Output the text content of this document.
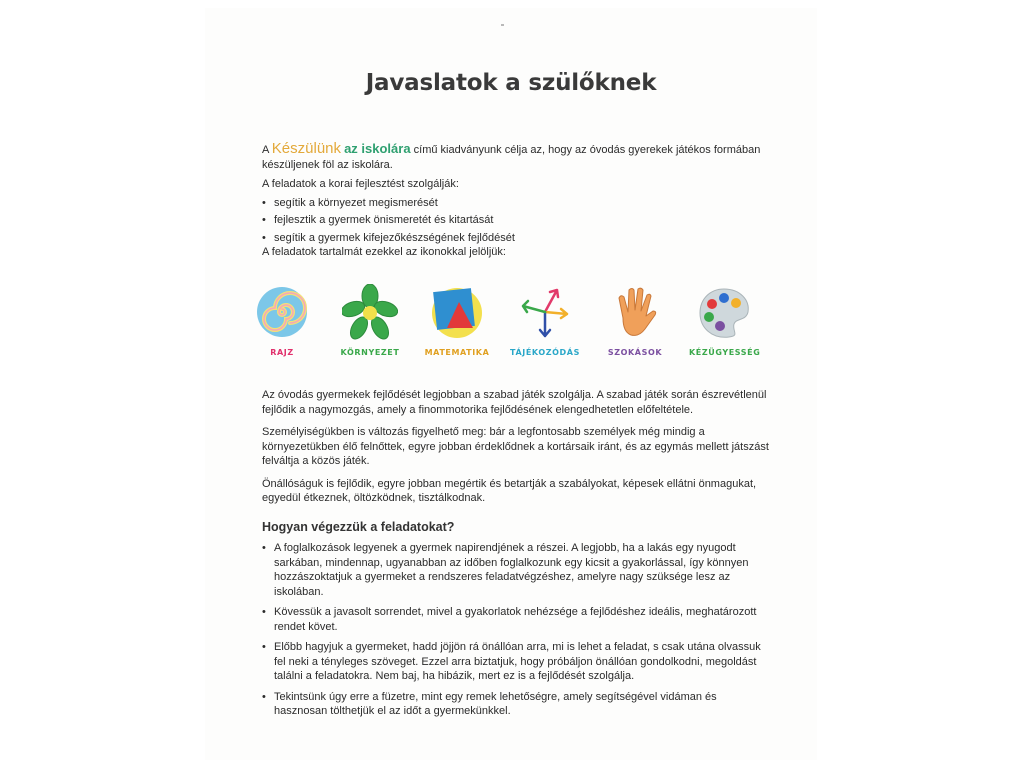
Javaslatok a szülőknek

A Készülünk az iskolára című kiadványunk célja az, hogy az óvodás gyerekek játékos formában készüljenek föl az iskolára.

A feladatok a korai fejlesztést szolgálják:

• segítik a környezet megismerését
• fejlesztik a gyermek önismeretét és kitartását
• segítik a gyermek kifejezőkészségének fejlődését

A feladatok tartalmát ezekkel az ikonokkal jelöljük:

RAJZ	KÖRNYEZET	MATEMATIKA	TÁJÉKOZÓDÁS	SZOKÁSOK	KÉZÜGYESSÉG

Az óvodás gyermekek fejlődését legjobban a szabad játék szolgálja. A szabad játék során észrevétlenül fejlődik a nagymozgás, amely a finommotorika fejlődésének elengedhetetlen előfeltétele.

Személyiségükben is változás figyelhető meg: bár a legfontosabb személyek még mindig a környezetükben élő felnőttek, egyre jobban érdeklődnek a kortársaik iránt, és az egymás mellett játszást felváltja a közös játék.

Önállóságuk is fejlődik, egyre jobban megértik és betartják a szabályokat, képesek ellátni önmagukat, egyedül étkeznek, öltözködnek, tisztálkodnak.

Hogyan végezzük a feladatokat?
• A foglalkozások legyenek a gyermek napirendjének a részei. A legjobb, ha a lakás egy nyugodt sarkában, mindennap, ugyanabban az időben foglalkozunk egy kicsit a gyakorlással, így könnyen hozzászoktatjuk a gyermeket a rendszeres feladatvégzéshez, amelyre nagy szüksége lesz az iskolában.
• Kövessük a javasolt sorrendet, mivel a gyakorlatok nehézsége a fejlődéshez ideális, meghatározott rendet követ.
• Előbb hagyjuk a gyermeket, hadd jöjjön rá önállóan arra, mi is lehet a feladat, s csak utána olvassuk fel neki a tényleges szöveget. Ezzel arra biztatjuk, hogy próbáljon önállóan gondolkodni, megoldást találni a feladatokra. Nem baj, ha hibázik, mert ez is a fejlődését szolgálja.
• Tekintsünk úgy erre a füzetre, mint egy remek lehetőségre, amely segítségével vidáman és hasznosan tölthetjük el az időt a gyermekünkkel.
